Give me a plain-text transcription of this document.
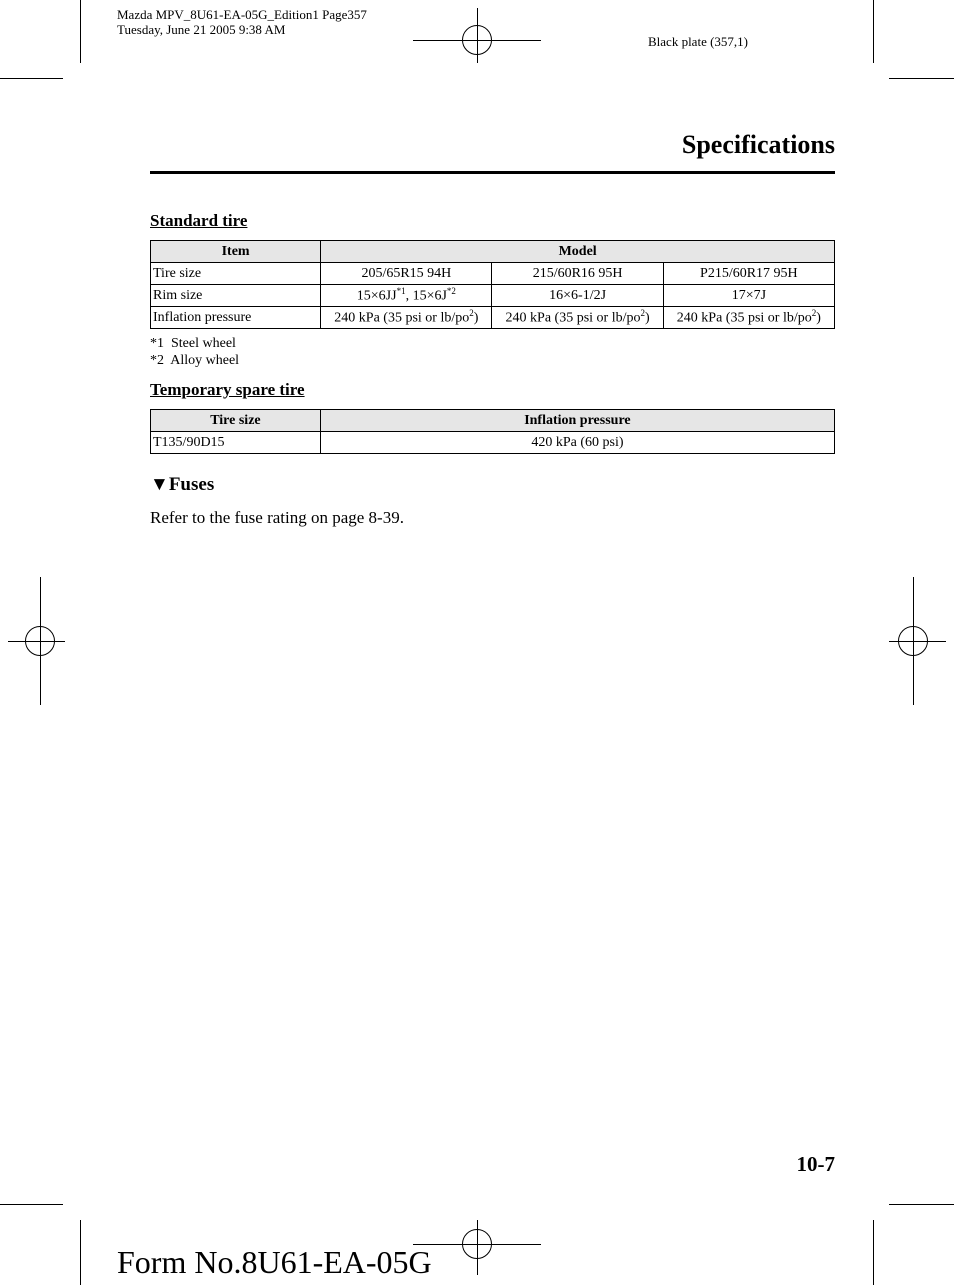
Mazda MPV_8U61-EA-05G_Edition1 Page357
Tuesday, June 21 2005 9:38 AM
Black plate (357,1)
Specifications
Standard tire
Item	Model		
Tire size	205/65R15 94H	215/60R16 95H	P215/60R17 95H
Rim size	$15\times 6JJ^{*1}$, $15\times 6J^{*2}$	16×6-1/2J	17×7J
Inflation pressure	240 kPa (35 psi or $lb/po^2$)	240 kPa (35 psi or $lb/po^2$)	240 kPa (35 psi or $lb/po^2$)
*1  Steel wheel
*2  Alloy wheel
Temporary spare tire
Tire size	Inflation pressure
T135/90D15	420 kPa (60 psi)
▼Fuses
Refer to the fuse rating on page 8-39.
10-7
Form No.8U61-EA-05G
